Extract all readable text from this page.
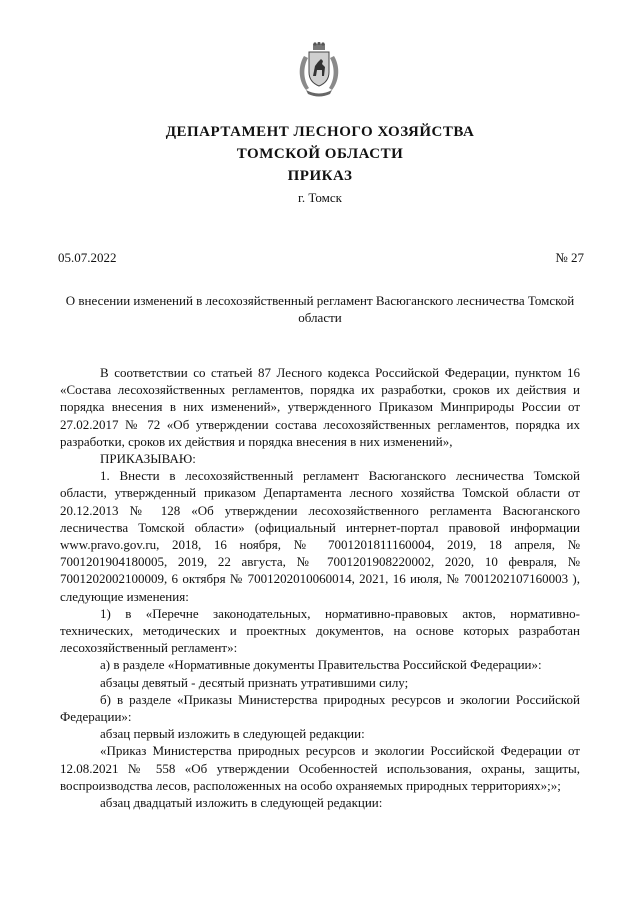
ДЕПАРТАМЕНТ ЛЕСНОГО ХОЗЯЙСТВА
ТОМСКОЙ ОБЛАСТИ
ПРИКАЗ
г. Томск
05.07.2022	№ 27
О внесении изменений в лесохозяйственный регламент Васюганского лесничества Томской области

В соответствии со статьей 87 Лесного кодекса Российской Федерации, пунктом 16 «Состава лесохозяйственных регламентов, порядка их разработки, сроков их действия и порядка внесения в них изменений», утвержденного Приказом Минприроды России от 27.02.2017 № 72 «Об утверждении состава лесохозяйственных регламентов, порядка их разработки, сроков их действия и порядка внесения в них изменений»,

ПРИКАЗЫВАЮ:

1. Внести в лесохозяйственный регламент Васюганского лесничества Томской области, утвержденный приказом Департамента лесного хозяйства Томской области от 20.12.2013 № 128 «Об утверждении лесохозяйственного регламента Васюганского лесничества Томской области» (официальный интернет-портал правовой информации www.pravo.gov.ru, 2018, 16 ноября, № 7001201811160004, 2019, 18 апреля, № 7001201904180005, 2019, 22 августа, № 7001201908220002, 2020, 10 февраля, № 7001202002100009, 6 октября № 7001202010060014, 2021, 16 июля, № 7001202107160003 ), следующие изменения:

1) в «Перечне законодательных, нормативно-правовых актов, нормативно-технических, методических и проектных документов, на основе которых разработан лесохозяйственный регламент»:

а) в разделе «Нормативные документы Правительства Российской Федерации»:

абзацы девятый - десятый признать утратившими силу;

б) в разделе «Приказы Министерства природных ресурсов и экологии Российской Федерации»:

абзац первый изложить в следующей редакции:

«Приказ Министерства природных ресурсов и экологии Российской Федерации от 12.08.2021 № 558 «Об утверждении Особенностей использования, охраны, защиты, воспроизводства лесов, расположенных на особо охраняемых природных территориях»;»;

абзац двадцатый изложить в следующей редакции:
